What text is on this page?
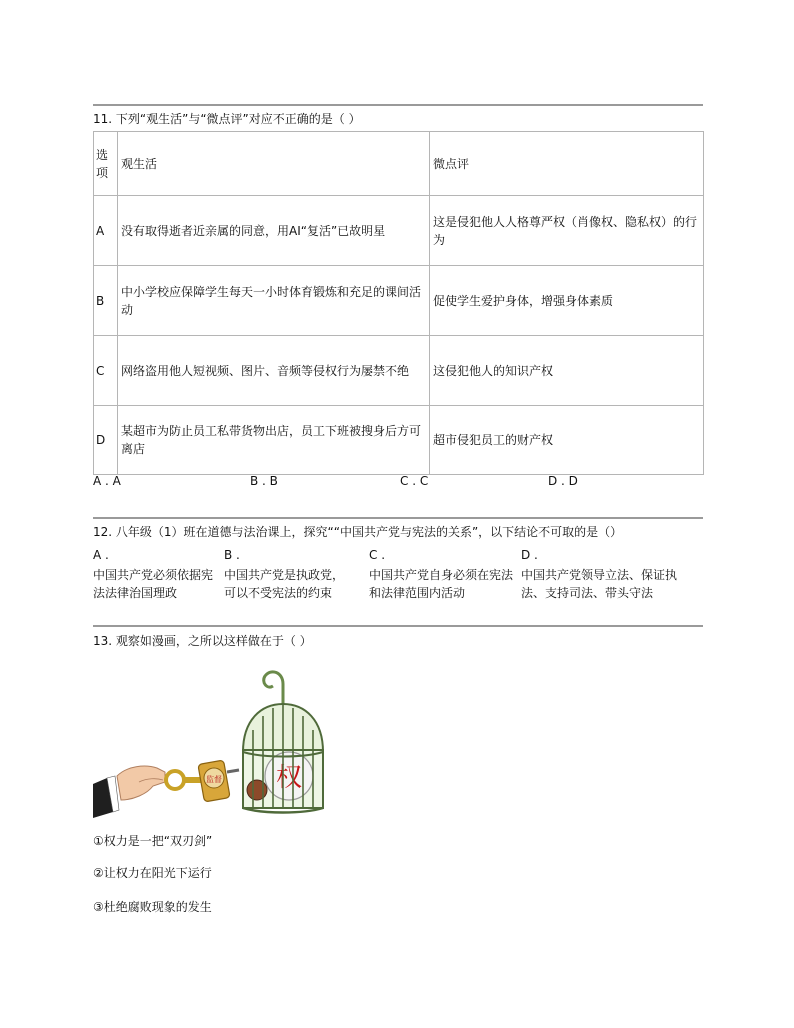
11. 下列“观生活”与“微点评”对应不正确的是（ ）
选项	观生活	微点评
A	没有取得逝者近亲属的同意，用AI“复活”已故明星	这是侵犯他人人格尊严权（肖像权、隐私权）的行为
B	中小学校应保障学生每天一小时体育锻炼和充足的课间活动	促使学生爱护身体，增强身体素质
C	网络盗用他人短视频、图片、音频等侵权行为屡禁不绝	这侵犯他人的知识产权
D	某超市为防止员工私带货物出店，员工下班被搜身后方可离店	超市侵犯员工的财产权
A . A	B . B	C . C	D . D
12. 八年级（1）班在道德与法治课上，探究““中国共产党与宪法的关系”，以下结论不可取的是（）
A .
中国共产党必须依据宪法法律治国理政
B .
中国共产党是执政党，可以不受宪法的约束
C .
中国共产党自身必须在宪法和法律范围内活动
D .
中国共产党领导立法、保证执法、支持司法、带头守法
13. 观察如漫画，之所以这样做在于（ ）
监督 权
①权力是一把“双刃剑”
②让权力在阳光下运行
③杜绝腐败现象的发生
